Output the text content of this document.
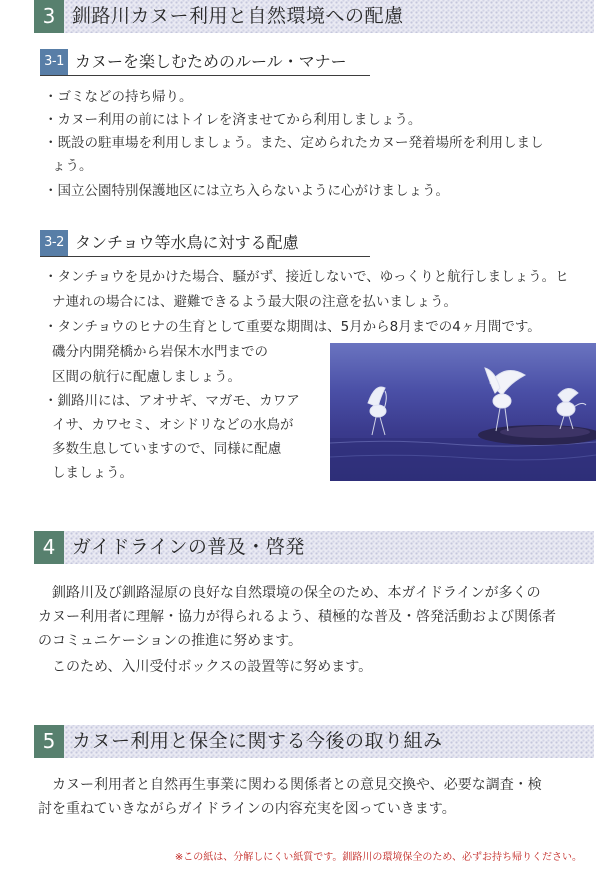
3 釧路川カヌー利用と自然環境への配慮
3-1 カヌーを楽しむためのルール・マナー
・ゴミなどの持ち帰り。
・カヌー利用の前にはトイレを済ませてから利用しましょう。
・既設の駐車場を利用しましょう。また、定められたカヌー発着場所を利用しまし
ょう。
・国立公園特別保護地区には立ち入らないように心がけましょう。
3-2 タンチョウ等水鳥に対する配慮
・タンチョウを見かけた場合、騒がず、接近しないで、ゆっくりと航行しましょう。ヒ
ナ連れの場合には、避難できるよう最大限の注意を払いましょう。
・タンチョウのヒナの生育として重要な期間は、5月から8月までの4ヶ月間です。
磯分内開発橋から岩保木水門までの
区間の航行に配慮しましょう。
・釧路川には、アオサギ、マガモ、カワア
イサ、カワセミ、オシドリなどの水鳥が
多数生息していますので、同様に配慮
しましょう。
4 ガイドラインの普及・啓発
　釧路川及び釧路湿原の良好な自然環境の保全のため、本ガイドラインが多くの
カヌー利用者に理解・協力が得られるよう、積極的な普及・啓発活動および関係者
のコミュニケーションの推進に努めます。
　このため、入川受付ボックスの設置等に努めます。
5 カヌー利用と保全に関する今後の取り組み
　カヌー利用者と自然再生事業に関わる関係者との意見交換や、必要な調査・検
討を重ねていきながらガイドラインの内容充実を図っていきます。
※この紙は、分解しにくい紙質です。釧路川の環境保全のため、必ずお持ち帰りください。
